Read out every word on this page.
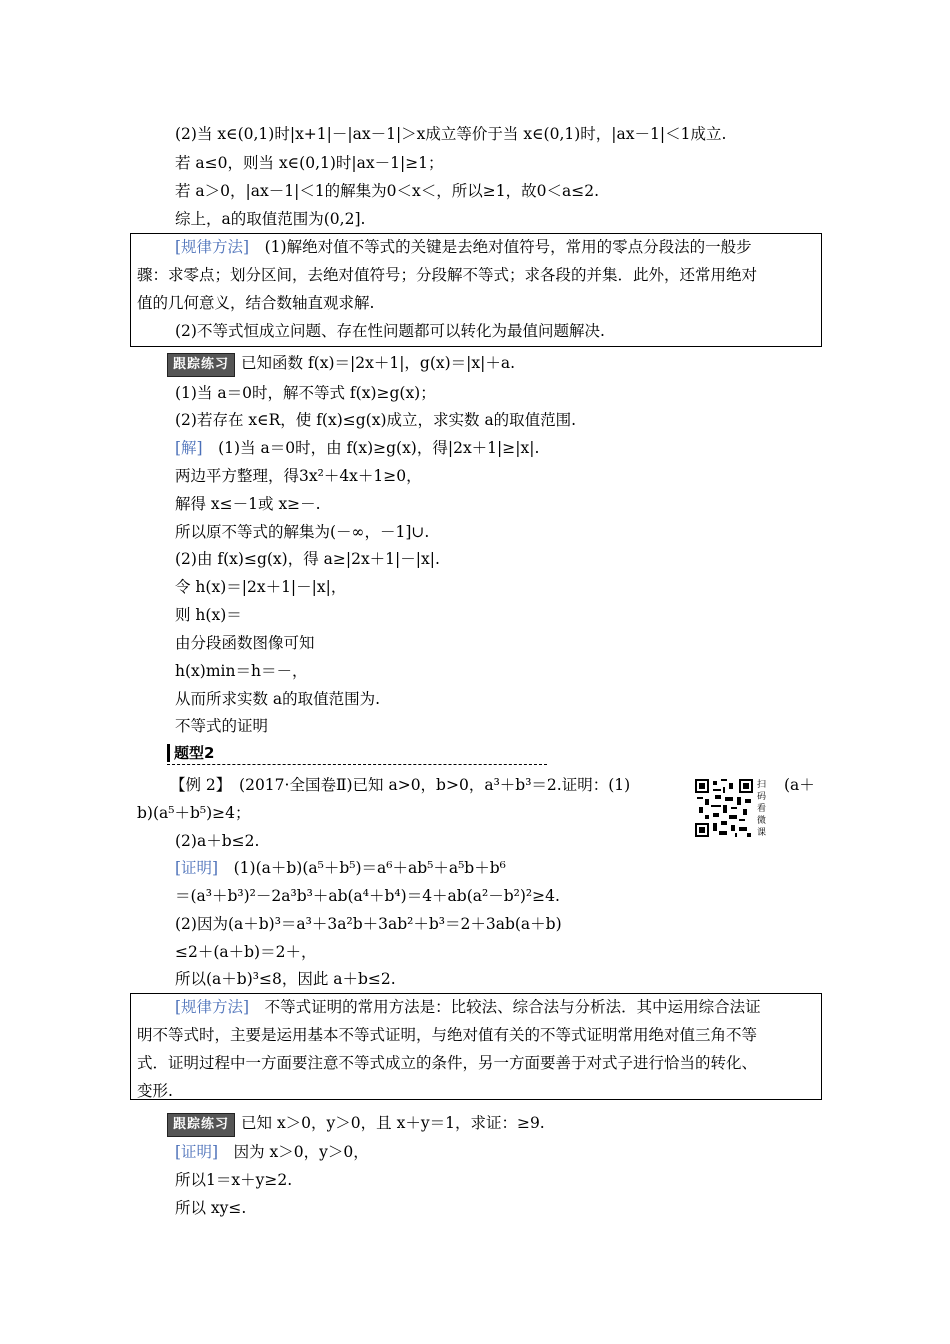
(2)当 x∈(0,1)时|x+1|－|ax－1|＞x成立等价于当 x∈(0,1)时，|ax－1|＜1成立.
若 a≤0，则当 x∈(0,1)时|ax－1|≥1；
若 a＞0，|ax－1|＜1的解集为0＜x＜，所以≥1，故0＜a≤2.
综上，a的取值范围为(0,2].
[规律方法]　 (1)解绝对值不等式的关键是去绝对值符号，常用的零点分段法的一般步
骤：求零点；划分区间，去绝对值符号；分段解不等式；求各段的并集．此外，还常用绝对
值的几何意义，结合数轴直观求解.
(2)不等式恒成立问题、存在性问题都可以转化为最值问题解决.
跟踪练习 已知函数 f(x)＝|2x＋1|，g(x)＝|x|＋a.
(1)当 a＝0时，解不等式 f(x)≥g(x)；
(2)若存在 x∈R，使 f(x)≤g(x)成立，求实数 a的取值范围.
[解]　 (1)当 a＝0时，由 f(x)≥g(x)，得|2x＋1|≥|x|.
两边平方整理，得3x²＋4x＋1≥0，
解得 x≤－1或 x≥－.
所以原不等式的解集为(－∞，－1]∪.
(2)由 f(x)≤g(x)，得 a≥|2x＋1|－|x|.
令 h(x)＝|2x＋1|－|x|，
则 h(x)＝
由分段函数图像可知
h(x)min＝h＝－，
从而所求实数 a的取值范围为.
不等式的证明
题型2
【例 2】　(2017·全国卷Ⅱ)已知 a>0，b>0，a³＋b³＝2.证明：(1)	扫码看微课
(a＋
b)(a⁵＋b⁵)≥4；
(2)a＋b≤2.
[证明]　 (1)(a＋b)(a⁵＋b⁵)＝a⁶＋ab⁵＋a⁵b＋b⁶
＝(a³＋b³)²－2a³b³＋ab(a⁴＋b⁴)＝4＋ab(a²－b²)²≥4.
(2)因为(a＋b)³＝a³＋3a²b＋3ab²＋b³＝2＋3ab(a＋b)
≤2＋(a＋b)＝2＋，
所以(a＋b)³≤8，因此 a＋b≤2.
[规律方法]　 不等式证明的常用方法是：比较法、综合法与分析法．其中运用综合法证
明不等式时，主要是运用基本不等式证明，与绝对值有关的不等式证明常用绝对值三角不等
式．证明过程中一方面要注意不等式成立的条件，另一方面要善于对式子进行恰当的转化、
变形.
跟踪练习 已知 x＞0，y＞0，且 x＋y＝1，求证：≥9.
[证明]　 因为 x＞0，y＞0，
所以1＝x＋y≥2.
所以 xy≤.
